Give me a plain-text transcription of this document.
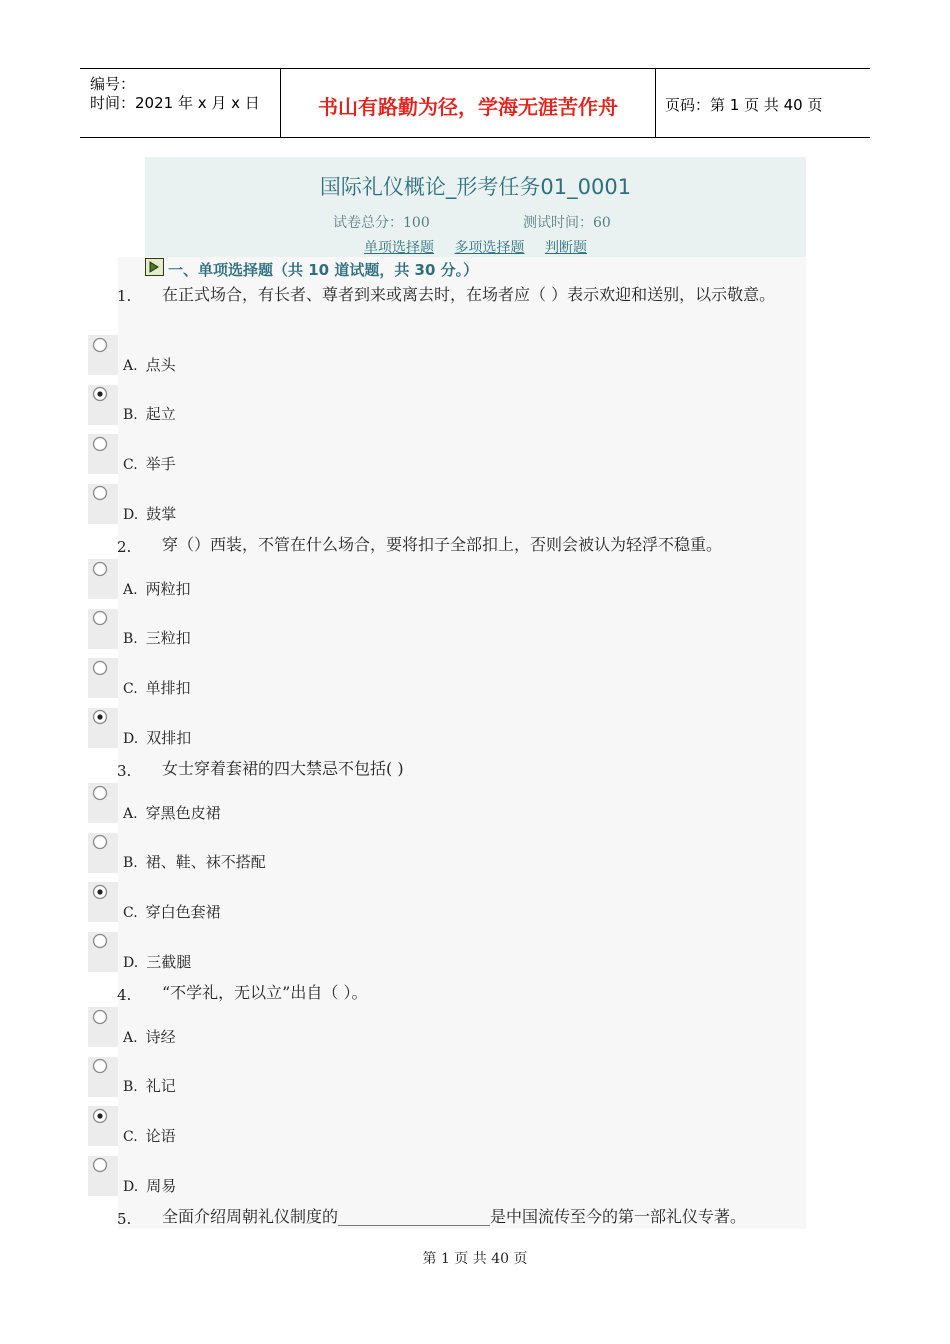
编号：
时间：2021 年 x 月 x 日	书山有路勤为径，学海无涯苦作舟	页码：第 1 页 共 40 页
国际礼仪概论_形考任务01_0001
试卷总分：100	测试时间：60
单项选择题 多项选择题 判断题
一、单项选择题（共 10 道试题，共 30 分。）
1. 在正式场合，有长者、尊者到来或离去时，在场者应（ ）表示欢迎和送别，以示敬意。
A. 点头
B. 起立
C. 举手
D. 鼓掌
2. 穿（）西装，不管在什么场合，要将扣子全部扣上，否则会被认为轻浮不稳重。
A. 两粒扣
B. 三粒扣
C. 单排扣
D. 双排扣
3. 女士穿着套裙的四大禁忌不包括( )
A. 穿黑色皮裙
B. 裙、鞋、袜不搭配
C. 穿白色套裙
D. 三截腿
4. “不学礼，无以立”出自（ ）。
A. 诗经
B. 礼记
C. 论语
D. 周易
5. 全面介绍周朝礼仪制度的___________________是中国流传至今的第一部礼仪专著。
第 1 页 共 40 页
